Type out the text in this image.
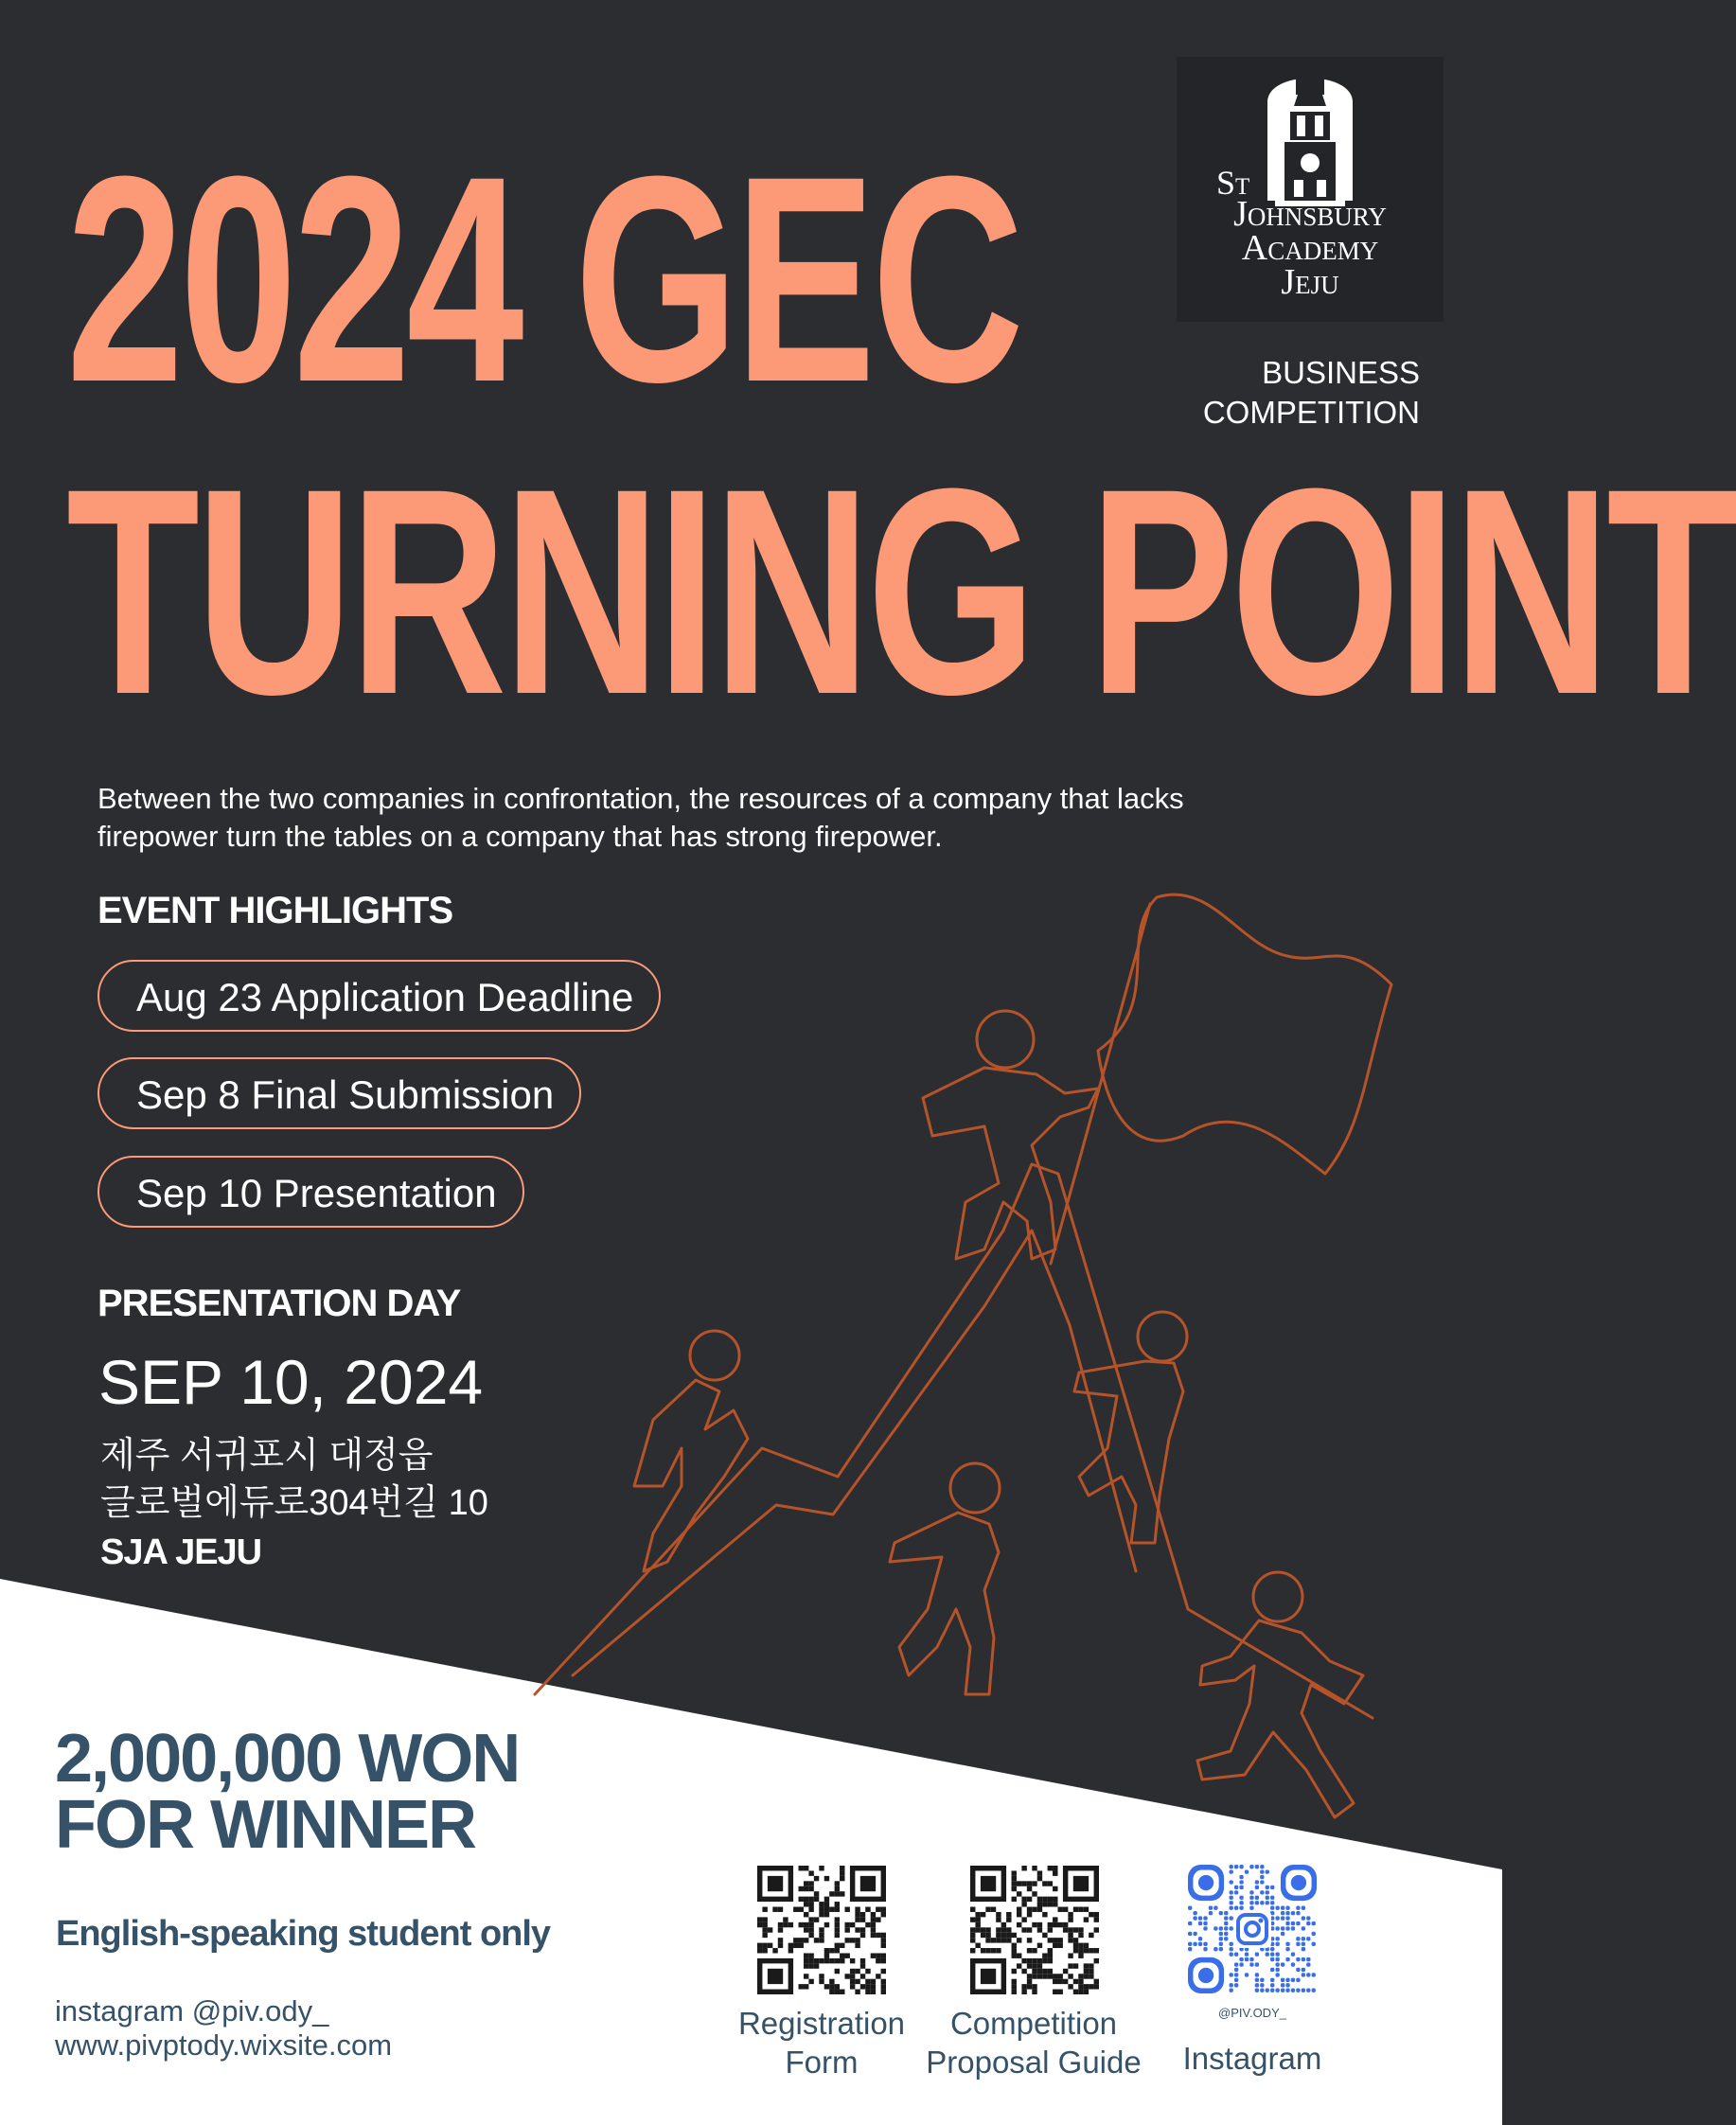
2024 GEC
TURNING POINT
St
Johnsbury
Academy
Jeju
BUSINESS
COMPETITION
Between the two companies in confrontation, the resources of a company that lacks firepower turn the tables on a company that has strong firepower.
EVENT HIGHLIGHTS
Aug 23 Application Deadline
Sep 8 Final Submission
Sep 10 Presentation
PRESENTATION DAY
SEP 10, 2024
제주 서귀포시 대정읍
글로벌에듀로304번길 10
SJA JEJU
2,000,000 WON
FOR WINNER
English-speaking student only
instagram @piv.ody_
www.pivptody.wixsite.com
@PIV.ODY_
Registration
Form
Competition
Proposal Guide	Instagram
